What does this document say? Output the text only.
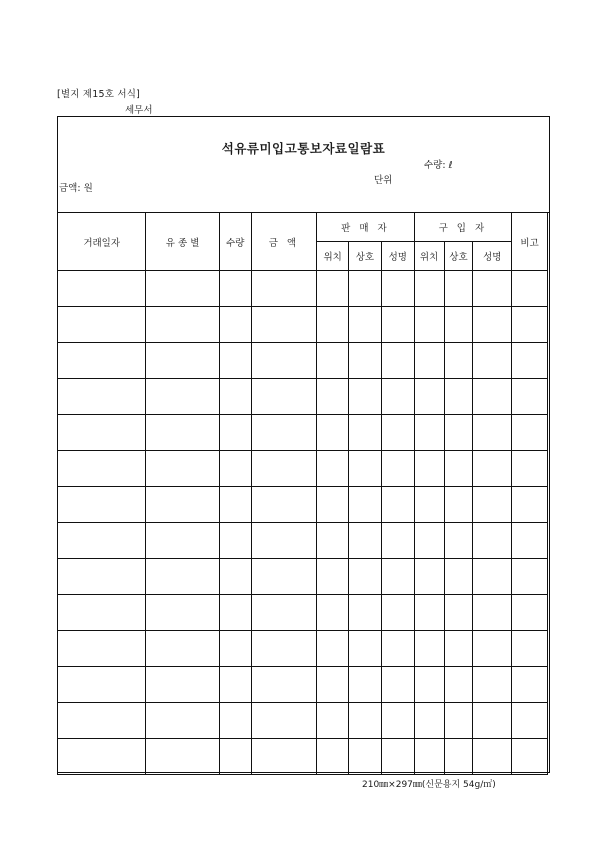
[별지 제15호 서식]
세무서
석유류미입고통보자료일람표
수량: ℓ
단위
금액: 원
거래일자	유 종 별	수량	금 액	판 매 자			구 입 자			비고
				위치	상호	성명	위치	상호	성명	

210㎜×297㎜(신문용지 54g/㎡)
